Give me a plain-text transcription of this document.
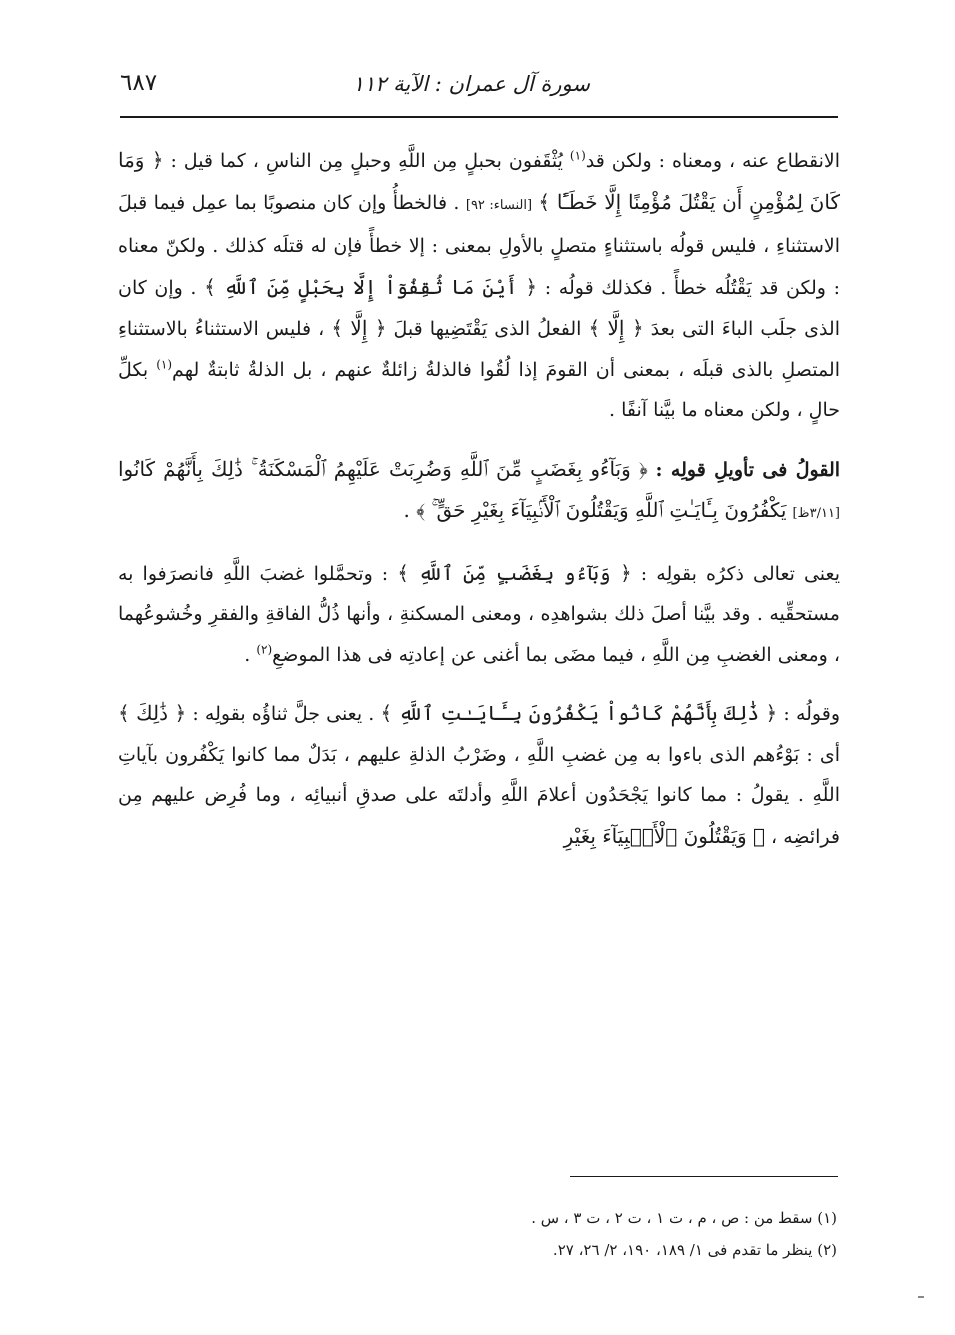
سورة آل عمران : الآية ١١٢
٦٨٧

الانقطاع عنه ، ومعناه : ولكن قد$^{(١)}$ يُثْقَفون بحبلٍ مِن اللَّهِ وحبلٍ مِن الناسِ ، كما قيل : ﴿ وَمَا كَانَ لِمُؤْمِنٍ أَن يَقْتُلَ مُؤْمِنًا إِلَّا خَطَـًٔا ﴾ [النساء: ٩٢] . فالخطأُ وإن كان منصوبًا بما عمِل فيما قبلَ الاستثناءِ ، فليس قولُه باستثناءٍ متصلٍ بالأولِ بمعنى : إلا خطأً فإن له قتلَه كذلك . ولكنّ معناه : ولكن قد يَقْتُلُه خطأً . فكذلك قولُه : ﴿ أَيْنَ مَا ثُقِفُوٓاْ إِلَّا بِحَبْلٍ مِّنَ ٱللَّهِ ﴾ . وإن كان الذى جلَب الباءَ التى بعدَ ﴿ إِلَّا ﴾ الفعلُ الذى يَقْتَضِيها قبلَ ﴿ إِلَّا ﴾ ، فليس الاستثناءُ بالاستثناءِ المتصلِ بالذى قبلَه ، بمعنى أن القومَ إذا لُقُوا فالذلةُ زائلةٌ عنهم ، بل الذلةُ ثابتةٌ لهم$^{(١)}$ بكلِّ حالٍ ، ولكن معناه ما بيَّنا آنفًا .

القولُ فى تأويلِ قولِه : ﴿ وَبَآءُو بِغَضَبٍ مِّنَ ٱللَّهِ وَضُرِبَتْ عَلَيْهِمُ ٱلْمَسْكَنَةُ ۚ ذَٰلِكَ بِأَنَّهُمْ كَانُوا [٣/١١ظ] يَكْفُرُونَ بِـَٔايَـٰتِ ٱللَّهِ وَيَقْتُلُونَ ٱلْأَنۢبِيَآءَ بِغَيْرِ حَقٍّ ۚ ﴾ .

يعنى تعالى ذكرُه بقولِه : ﴿ وَبَآءُو بِغَضَبٍ مِّنَ ٱللَّهِ ﴾ : وتحمَّلوا غضبَ اللَّهِ فانصرَفوا به مستحقِّيه . وقد بيَّنا أصلَ ذلك بشواهدِه ، ومعنى المسكنةِ ، وأنها ذُلُّ الفاقةِ والفقرِ وخُشوعُهما ، ومعنى الغضبِ مِن اللَّهِ ، فيما مضَى بما أغنى عن إعادتِه فى هذا الموضعِ$^{(٢)}$ .

وقولُه : ﴿ ذَٰلِكَ بِأَنَّهُمْ كَانُواْ يَكْفُرُونَ بِـَٔايَـٰتِ ٱللَّهِ ﴾ . يعنى جلَّ ثناؤُه بقولِه : ﴿ ذَٰلِكَ ﴾ أى : بَوْءُهم الذى باءوا به مِن غضبِ اللَّهِ ، وضَرْبُ الذلةِ عليهم ، بَدَلٌ مما كانوا يَكْفُرون بآياتِ اللَّهِ . يقولُ : مما كانوا يَجْحَدُون أعلامَ اللَّهِ وأدلتَه على صدقِ أنبيائِه ، وما فُرِض عليهم مِن فرائضِه ، ﴿ وَيَقْتُلُونَ ٱلْأَنۢبِيَآءَ بِغَيْرِ

(١) سقط من : ص ، م ، ت ١ ، ت ٢ ، ت ٣ ، س .

(٢) ينظر ما تقدم فى ١/ ١٨٩، ١٩٠، ٢/ ٢٦، ٢٧.
